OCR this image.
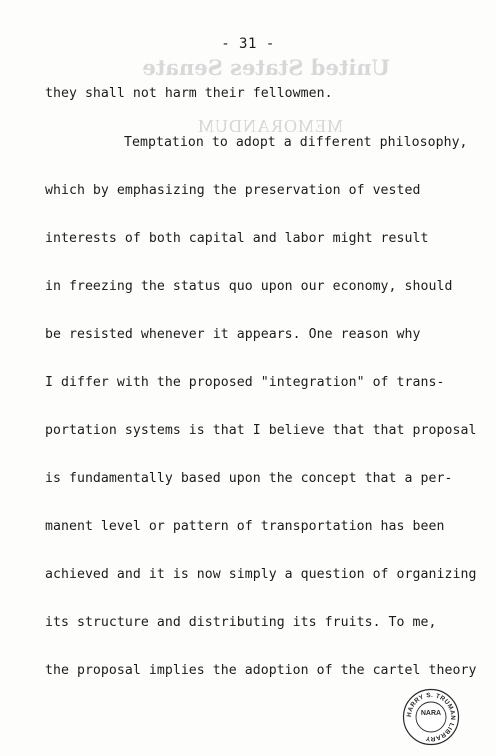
United States Senate
MEMORANDUM
- 31 -
they shall not harm their fellowmen.
Temptation to adopt a different philosophy,
which by emphasizing the preservation of vested
interests of both capital and labor might result
in freezing the status quo upon our economy, should
be resisted whenever it appears. One reason why
I differ with the proposed "integration" of trans-
portation systems is that I believe that that proposal
is fundamentally based upon the concept that a per-
manent level or pattern of transportation has been
achieved and it is now simply a question of organizing
its structure and distributing its fruits. To me,
the proposal implies the adoption of the cartel theory
HARRY S. TRUMAN LIBRARY
NARA
